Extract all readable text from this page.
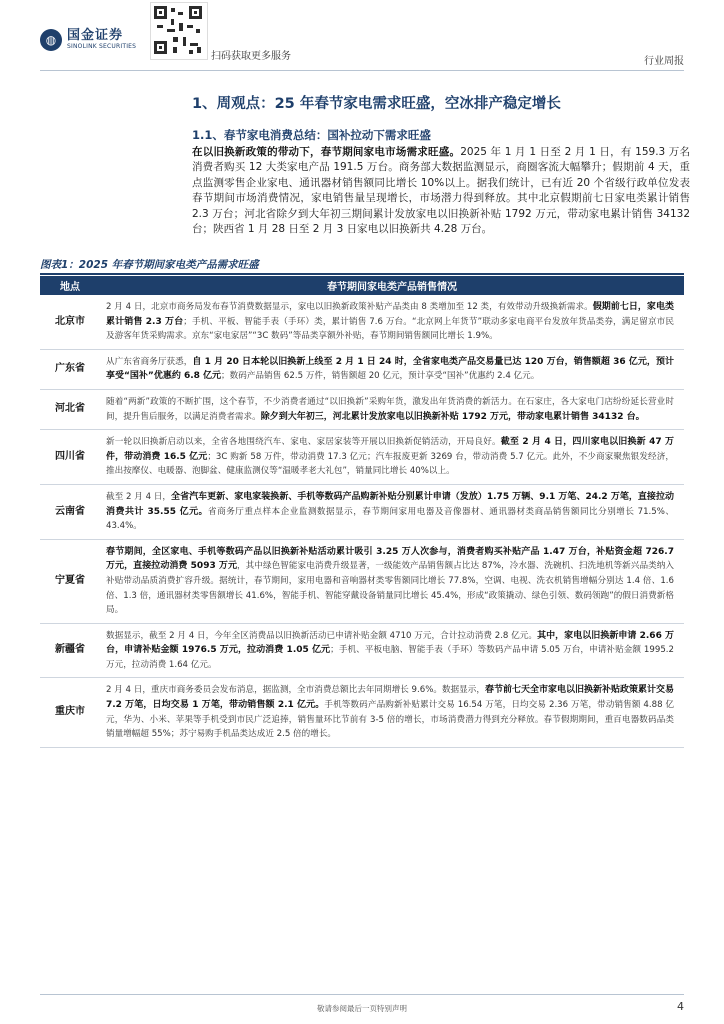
◍ 国金证券
SINOLINK SECURITIES
扫码获取更多服务	行业周报
1、周观点：25 年春节家电需求旺盛，空冰排产稳定增长
1.1、春节家电消费总结：国补拉动下需求旺盛
在以旧换新政策的带动下，春节期间家电市场需求旺盛。2025 年 1 月 1 日至 2 月 1 日，有 159.3 万名消费者购买 12 大类家电产品 191.5 万台。商务部大数据监测显示，商圈客流大幅攀升；假期前 4 天，重点监测零售企业家电、通讯器材销售额同比增长 10%以上。据我们统计，已有近 20 个省级行政单位发表春节期间市场消费情况，家电销售量呈现增长，市场潜力得到释放。其中北京假期前七日家电类累计销售 2.3 万台；河北省除夕到大年初三期间累计发放家电以旧换新补贴 1792 万元，带动家电累计销售 34132 台；陕西省 1 月 28 日至 2 月 3 日家电以旧换新共 4.28 万台。
图表1：2025 年春节期间家电类产品需求旺盛
地点	春节期间家电类产品销售情况
北京市	2 月 4 日，北京市商务局发布春节消费数据显示，家电以旧换新政策补贴产品类由 8 类增加至 12 类，有效带动升级换新需求。假期前七日，家电类累计销售 2.3 万台；手机、平板、智能手表（手环）类，累计销售 7.6 万台。“北京网上年货节”联动多家电商平台发放年货品类券，满足留京市民及游客年货采购需求。京东“家电家居”“3C 数码”等品类享额外补贴，春节期间销售额同比增长 1.9%。
广东省	从广东省商务厅获悉，自 1 月 20 日本轮以旧换新上线至 2 月 1 日 24 时，全省家电类产品交易量已达 120 万台，销售额超 36 亿元，预计享受“国补”优惠约 6.8 亿元；数码产品销售 62.5 万件，销售额超 20 亿元，预计享受“国补”优惠约 2.4 亿元。
河北省	随着“两新”政策的不断扩围，这个春节，不少消费者通过“以旧换新”采购年货，激发出年货消费的新活力。在石家庄，各大家电门店纷纷延长营业时间，提升售后服务，以满足消费者需求。除夕到大年初三，河北累计发放家电以旧换新补贴 1792 万元，带动家电累计销售 34132 台。
四川省	新一轮以旧换新启动以来，全省各地围绕汽车、家电、家居家装等开展以旧换新促销活动，开局良好。截至 2 月 4 日，四川家电以旧换新 47 万件，带动消费 16.5 亿元；3C 购新 58 万件，带动消费 17.3 亿元；汽车报废更新 3269 台，带动消费 5.7 亿元。此外，不少商家聚焦银发经济，推出按摩仪、电暖器、泡脚盆、健康监测仪等“温暖孝老大礼包”，销量同比增长 40%以上。
云南省	截至 2 月 4 日，全省汽车更新、家电家装换新、手机等数码产品购新补贴分别累计申请（发放）1.75 万辆、9.1 万笔、24.2 万笔，直接拉动消费共计 35.55 亿元。省商务厅重点样本企业监测数据显示，春节期间家用电器及音像器材、通讯器材类商品销售额同比分别增长 71.5%、43.4%。
宁夏省	春节期间，全区家电、手机等数码产品以旧换新补贴活动累计吸引 3.25 万人次参与，消费者购买补贴产品 1.47 万台，补贴资金超 726.7 万元，直接拉动消费 5093 万元，其中绿色智能家电消费升级显著，一级能效产品销售额占比达 87%，冷水器、洗碗机、扫洗地机等新兴品类纳入补贴带动品质消费扩容升级。据统计，春节期间，家用电器和音响器材类零售额同比增长 77.8%，空调、电视、洗衣机销售增幅分别达 1.4 倍、1.6 倍、1.3 倍，通讯器材类零售额增长 41.6%，智能手机、智能穿戴设备销量同比增长 45.4%，形成“政策撬动、绿色引领、数码领跑”的假日消费新格局。
新疆省	数据显示，截至 2 月 4 日，今年全区消费品以旧换新活动已申请补贴金额 4710 万元，合计拉动消费 2.8 亿元。其中，家电以旧换新申请 2.66 万台，申请补贴金额 1976.5 万元，拉动消费 1.05 亿元；手机、平板电脑、智能手表（手环）等数码产品申请 5.05 万台，申请补贴金额 1995.2 万元，拉动消费 1.64 亿元。
重庆市	2 月 4 日，重庆市商务委员会发布消息，据监测，全市消费总额比去年同期增长 9.6%。数据显示，春节前七天全市家电以旧换新补贴政策累计交易 7.2 万笔，日均交易 1 万笔，带动销售额 2.1 亿元。手机等数码产品购新补贴累计交易 16.54 万笔，日均交易 2.36 万笔，带动销售额 4.88 亿元，华为、小米、苹果等手机受到市民广泛追捧，销售量环比节前有 3-5 倍的增长，市场消费潜力得到充分释放。春节假期期间，重百电器数码品类销量增幅超 55%；苏宁易购手机品类达成近 2.5 倍的增长。
敬请参阅最后一页特别声明	4
